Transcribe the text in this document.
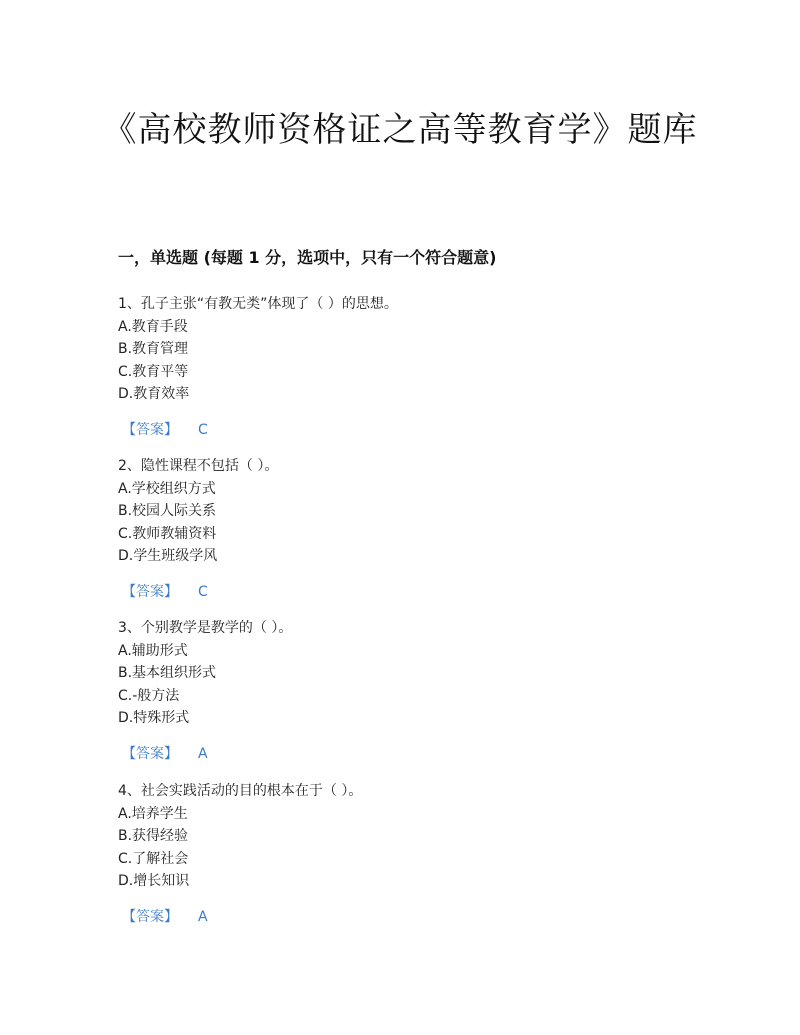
《高校教师资格证之高等教育学》题库
一，单选题 (每题 1 分，选项中，只有一个符合题意)
1、孔子主张“有教无类”体现了（ ）的思想。
A.教育手段
B.教育管理
C.教育平等
D.教育效率
【答案】 C
2、隐性课程不包括（ ）。
A.学校组织方式
B.校园人际关系
C.教师教辅资料
D.学生班级学风
【答案】 C
3、个别教学是教学的（ ）。
A.辅助形式
B.基本组织形式
C.-般方法
D.特殊形式
【答案】 A
4、社会实践活动的目的根本在于（ ）。
A.培养学生
B.获得经验
C.了解社会
D.增长知识
【答案】 A
